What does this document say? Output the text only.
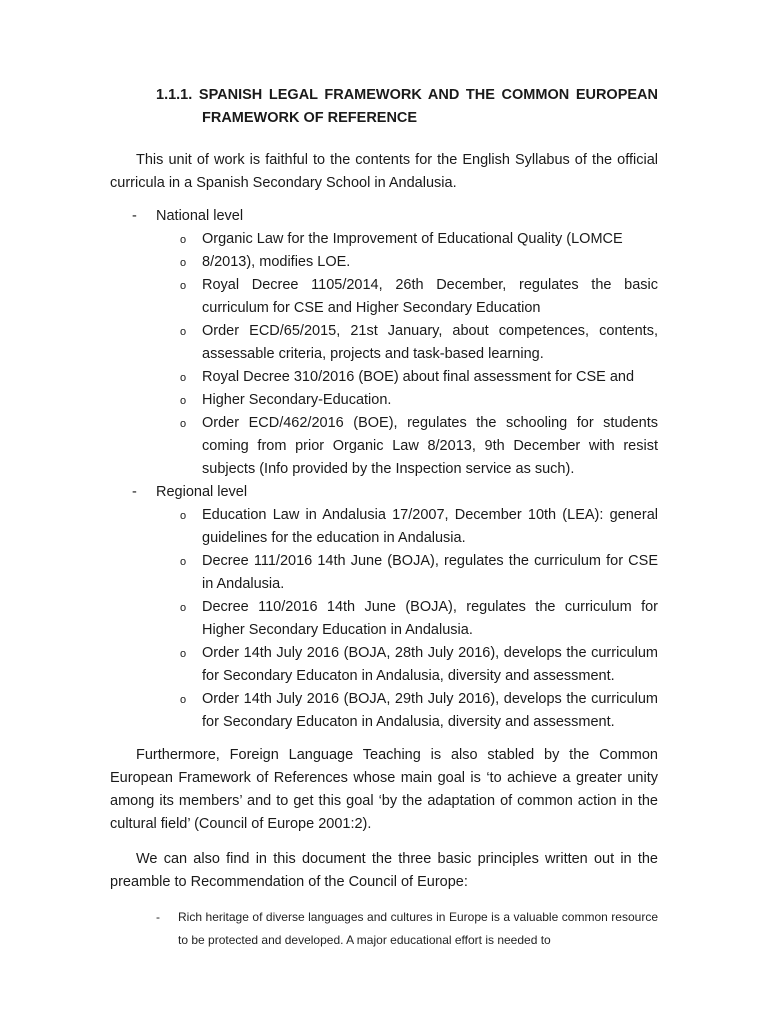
1.1.1. SPANISH LEGAL FRAMEWORK AND THE COMMON EUROPEAN
FRAMEWORK OF REFERENCE

This unit of work is faithful to the contents for the English Syllabus of the official curricula in a Spanish Secondary School in Andalusia.

-	National level
o Organic Law for the Improvement of Educational Quality (LOMCE
o 8/2013), modifies LOE.
o Royal Decree 1105/2014, 26th December, regulates the basic curriculum for CSE and Higher Secondary Education
o Order ECD/65/2015, 21st January, about competences, contents, assessable criteria, projects and task-based learning.
o Royal Decree 310/2016 (BOE) about final assessment for CSE and
o Higher Secondary-Education.
o Order ECD/462/2016 (BOE), regulates the schooling for students coming from prior Organic Law 8/2013, 9th December with resist subjects (Info provided by the Inspection service as such).
-	Regional level
o Education Law in Andalusia 17/2007, December 10th (LEA): general guidelines for the education in Andalusia.
o Decree 111/2016 14th June (BOJA), regulates the curriculum for CSE in Andalusia.
o Decree 110/2016 14th June (BOJA), regulates the curriculum for Higher Secondary Education in Andalusia.
o Order 14th July 2016 (BOJA, 28th July 2016), develops the curriculum for Secondary Educaton in Andalusia, diversity and assessment.
o Order 14th July 2016 (BOJA, 29th July 2016), develops the curriculum for Secondary Educaton in Andalusia, diversity and assessment.

Furthermore, Foreign Language Teaching is also stabled by the Common European Framework of References whose main goal is ‘to achieve a greater unity among its members’ and to get this goal ‘by the adaptation of common action in the cultural field’ (Council of Europe 2001:2).

We can also find in this document the three basic principles written out in the preamble to Recommendation of the Council of Europe:

- Rich heritage of diverse languages and cultures in Europe is a valuable common resource to be protected and developed. A major educational effort is needed to
